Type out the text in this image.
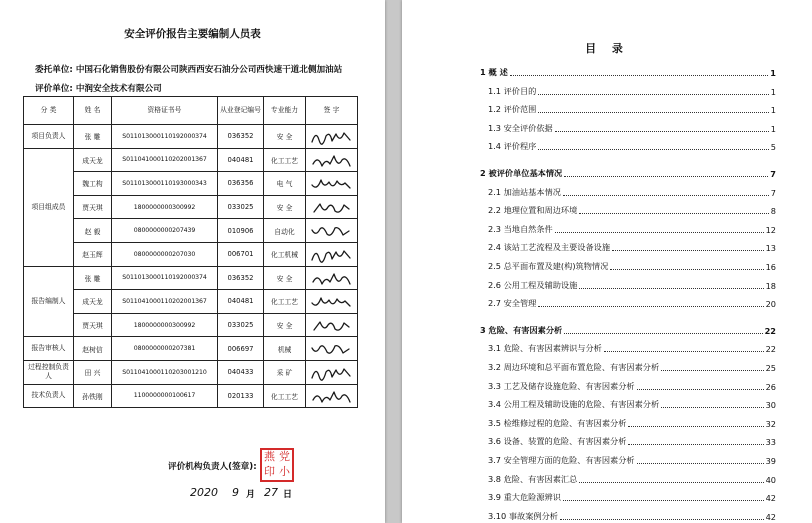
安全评价报告主要编制人员表
委托单位: 中国石化销售股份有限公司陕西西安石油分公司西快速干道北侧加油站
评价单位: 中润安全技术有限公司
分 类	姓 名	资格证书号	从业登记编号	专业能力	签 字
项目负责人	张 雕	S011013000110192000374	036352	安 全	

项目组成员	成天龙	S011041000110202001367	040481	化工工艺	

	魏工构	S011013000110193000343	036356	电 气	

	贾天琪	1800000000300992	033025	安 全	

	赵 毅	0800000000207439	010906	自动化	

	赵玉辉	0800000000207030	006701	化工机械	

报告编制人	张 雕	S011013000110192000374	036352	安 全	

	成天龙	S011041000110202001367	040481	化工工艺	

	贾天琪	1800000000300992	033025	安 全	

报告审核人	赵树信	0800000000207381	006697	机械	

过程控制负责人	田 兴	S011041000110203001210	040433	采 矿	

技术负责人	孙铁刚	1100000000100617	020133	化工工艺	
评价机构负责人(签章):
燕 党
印 小
2020 9 月 27 日
目 录
1 概 述	1
1.1 评价目的	1
1.2 评价范围	1
1.3 安全评价依据	1
1.4 评价程序	5
2 被评价单位基本情况	7
2.1 加油站基本情况	7
2.2 地理位置和周边环境	8
2.3 当地自然条件	12
2.4 该站工艺流程及主要设备设施	13
2.5 总平面布置及建(构)筑物情况	16
2.6 公用工程及辅助设施	18
2.7 安全管理	20
3 危险、有害因素分析	22
3.1 危险、有害因素辨识与分析	22
3.2 周边环境和总平面布置危险、有害因素分析	25
3.3 工艺及储存设施危险、有害因素分析	26
3.4 公用工程及辅助设施的危险、有害因素分析	30
3.5 检维修过程的危险、有害因素分析	32
3.6 设备、装置的危险、有害因素分析	33
3.7 安全管理方面的危险、有害因素分析	39
3.8 危险、有害因素汇总	40
3.9 重大危险源辨识	42
3.10 事故案例分析	42
